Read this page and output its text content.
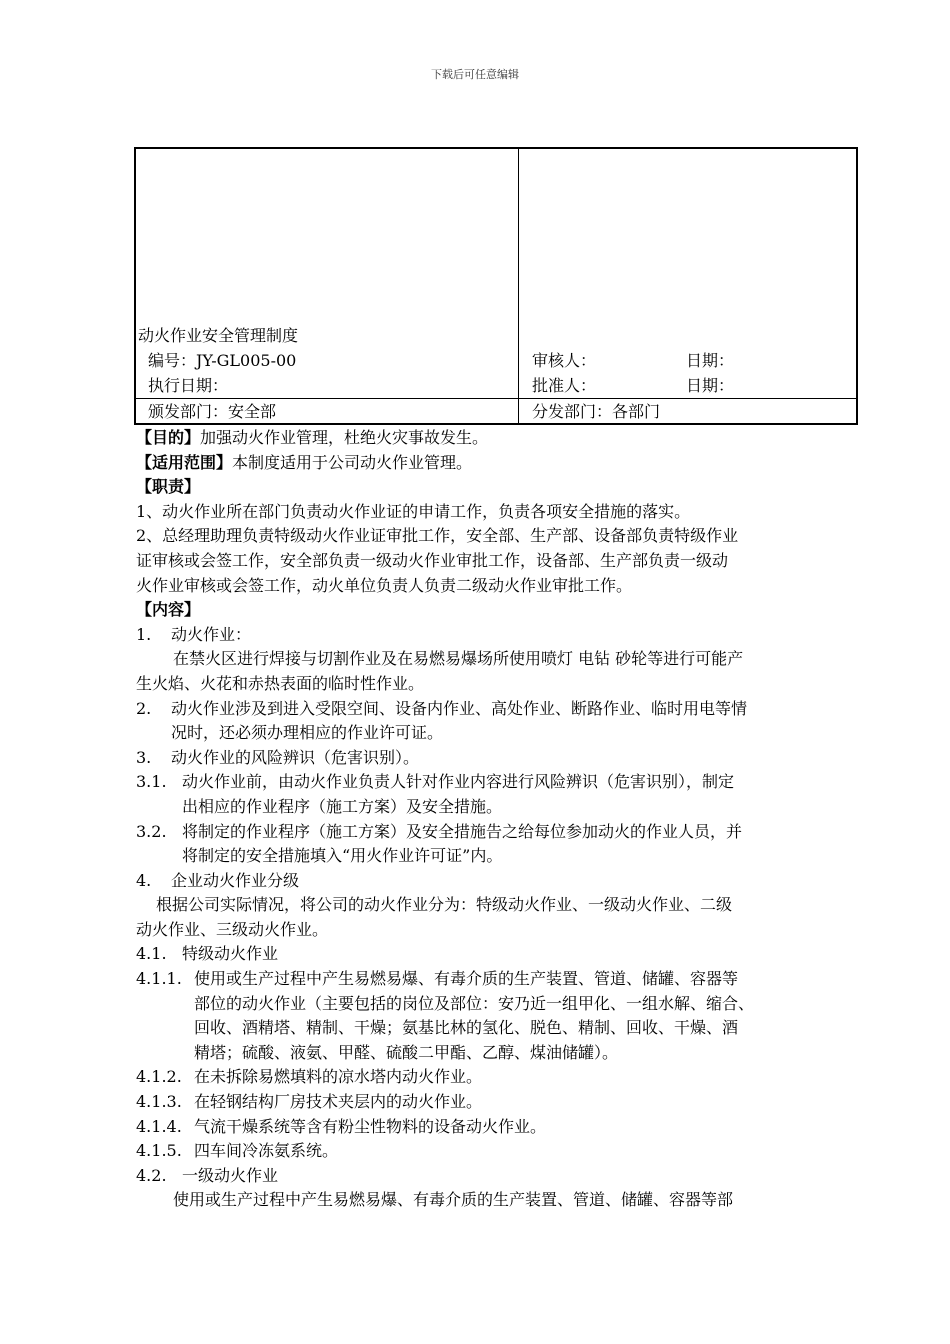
下载后可任意编辑
动火作业安全管理制度
编号：JY-GL005-00
执行日期：
颁发部门：安全部
审核人：	日期：
批准人：	日期：
分发部门：各部门

【目的】加强动火作业管理，杜绝火灾事故发生。

【适用范围】本制度适用于公司动火作业管理。

【职责】

1、动火作业所在部门负责动火作业证的申请工作，负责各项安全措施的落实。

2、总经理助理负责特级动火作业证审批工作，安全部、生产部、设备部负责特级作业

证审核或会签工作，安全部负责一级动火作业审批工作，设备部、生产部负责一级动

火作业审核或会签工作，动火单位负责人负责二级动火作业审批工作。

【内容】

1. 动火作业：

在禁火区进行焊接与切割作业及在易燃易爆场所使用喷灯 电钻 砂轮等进行可能产

生火焰、火花和赤热表面的临时性作业。

2. 动火作业涉及到进入受限空间、设备内作业、高处作业、断路作业、临时用电等情

况时，还必须办理相应的作业许可证。

3. 动火作业的风险辨识（危害识别）。

3.1. 动火作业前，由动火作业负责人针对作业内容进行风险辨识（危害识别），制定

出相应的作业程序（施工方案）及安全措施。

3.2. 将制定的作业程序（施工方案）及安全措施告之给每位参加动火的作业人员，并

将制定的安全措施填入“用火作业许可证”内。

4. 企业动火作业分级

根据公司实际情况，将公司的动火作业分为：特级动火作业、一级动火作业、二级

动火作业、三级动火作业。

4.1. 特级动火作业

4.1.1. 使用或生产过程中产生易燃易爆、有毒介质的生产装置、管道、储罐、容器等

部位的动火作业（主要包括的岗位及部位：安乃近一组甲化、一组水解、缩合、

回收、酒精塔、精制、干燥；氨基比林的氢化、脱色、精制、回收、干燥、酒

精塔；硫酸、液氨、甲醛、硫酸二甲酯、乙醇、煤油储罐）。

4.1.2. 在未拆除易燃填料的凉水塔内动火作业。

4.1.3. 在轻钢结构厂房技术夹层内的动火作业。

4.1.4. 气流干燥系统等含有粉尘性物料的设备动火作业。

4.1.5. 四车间冷冻氨系统。

4.2. 一级动火作业

使用或生产过程中产生易燃易爆、有毒介质的生产装置、管道、储罐、容器等部
